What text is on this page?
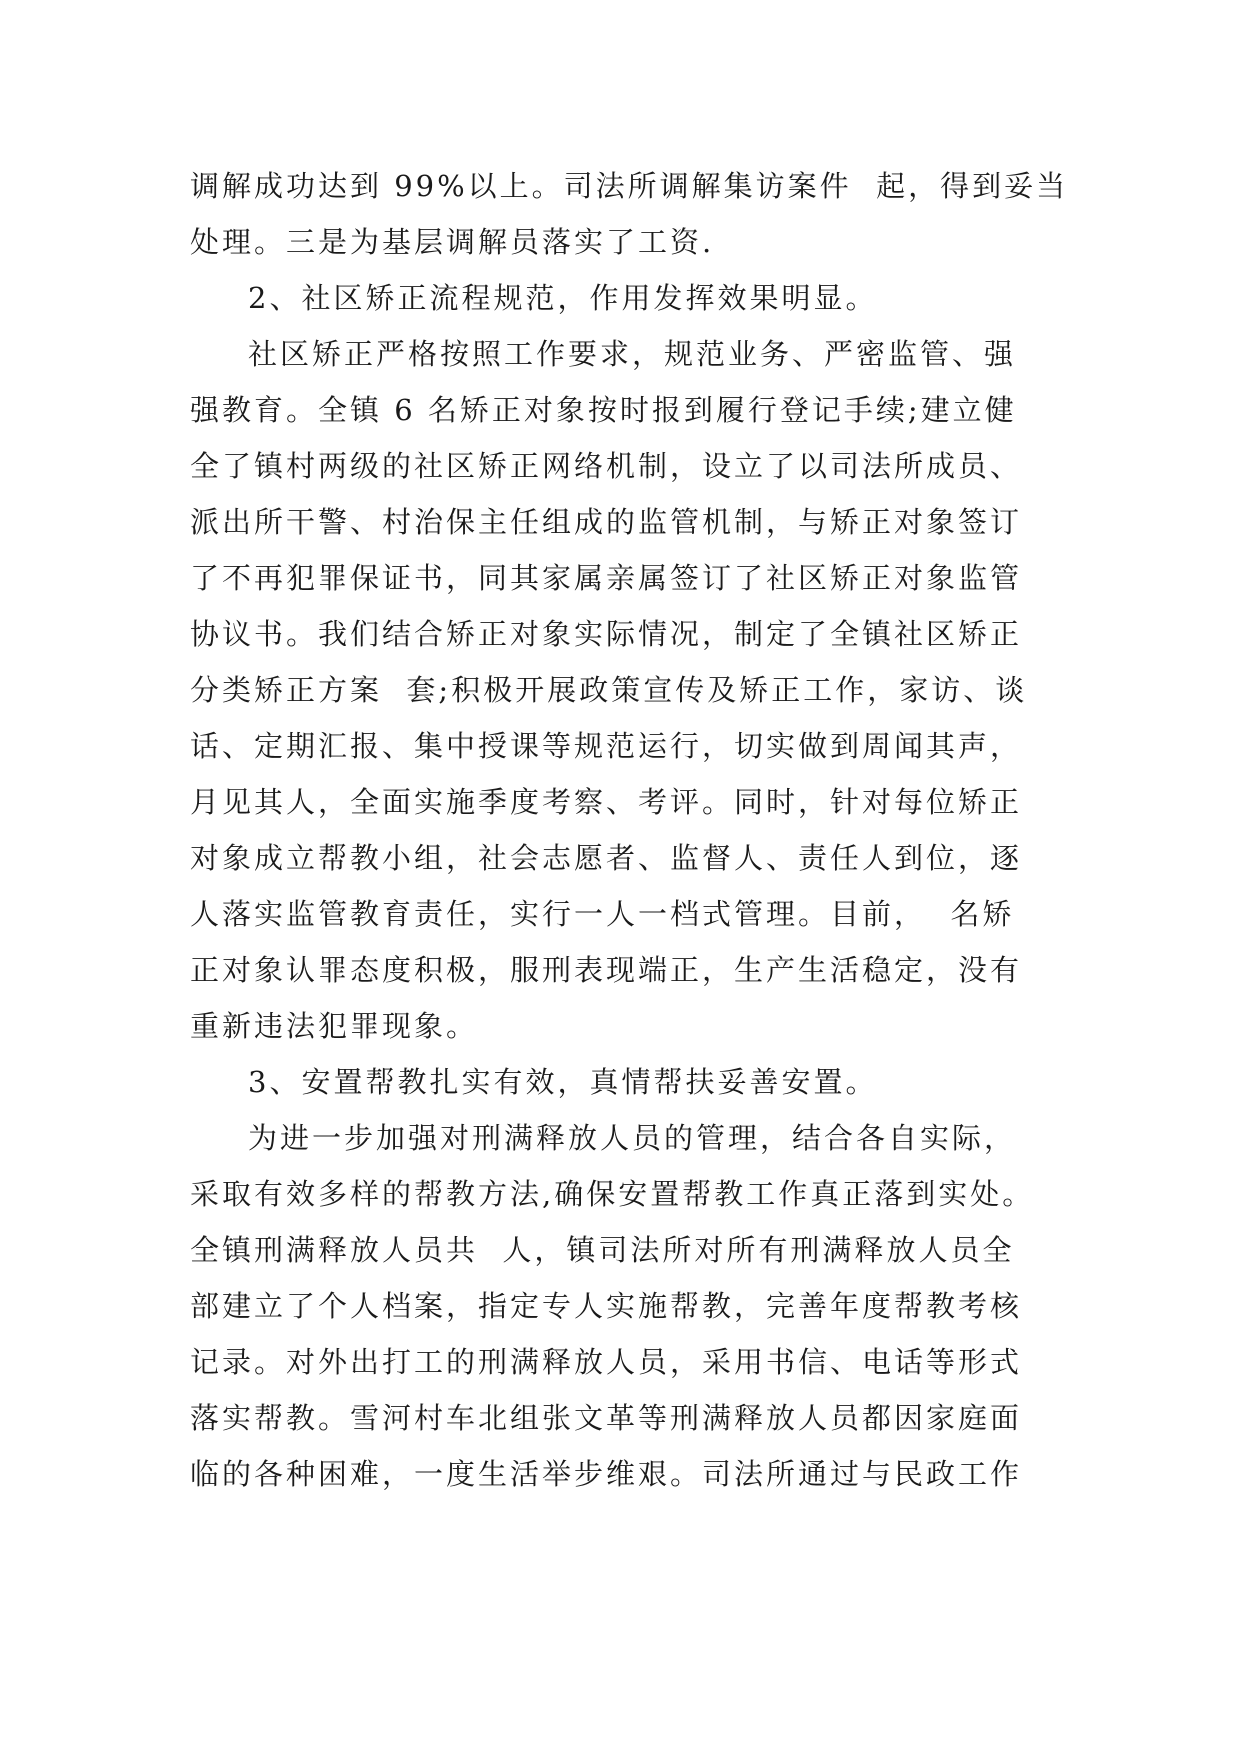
调解成功达到 99%以上。司法所调解集访案件  起，得到妥当
处理。三是为基层调解员落实了工资.
2、社区矫正流程规范，作用发挥效果明显。
社区矫正严格按照工作要求，规范业务、严密监管、强
强教育。全镇 6 名矫正对象按时报到履行登记手续;建立健
全了镇村两级的社区矫正网络机制，设立了以司法所成员、
派出所干警、村治保主任组成的监管机制，与矫正对象签订
了不再犯罪保证书，同其家属亲属签订了社区矫正对象监管
协议书。我们结合矫正对象实际情况，制定了全镇社区矫正
分类矫正方案  套;积极开展政策宣传及矫正工作，家访、谈
话、定期汇报、集中授课等规范运行，切实做到周闻其声，
月见其人，全面实施季度考察、考评。同时，针对每位矫正
对象成立帮教小组，社会志愿者、监督人、责任人到位，逐
人落实监管教育责任，实行一人一档式管理。目前，  名矫
正对象认罪态度积极，服刑表现端正，生产生活稳定，没有
重新违法犯罪现象。
3、安置帮教扎实有效，真情帮扶妥善安置。
为进一步加强对刑满释放人员的管理，结合各自实际，
采取有效多样的帮教方法,确保安置帮教工作真正落到实处。
全镇刑满释放人员共  人，镇司法所对所有刑满释放人员全
部建立了个人档案，指定专人实施帮教，完善年度帮教考核
记录。对外出打工的刑满释放人员，采用书信、电话等形式
落实帮教。雪河村车北组张文革等刑满释放人员都因家庭面
临的各种困难，一度生活举步维艰。司法所通过与民政工作
